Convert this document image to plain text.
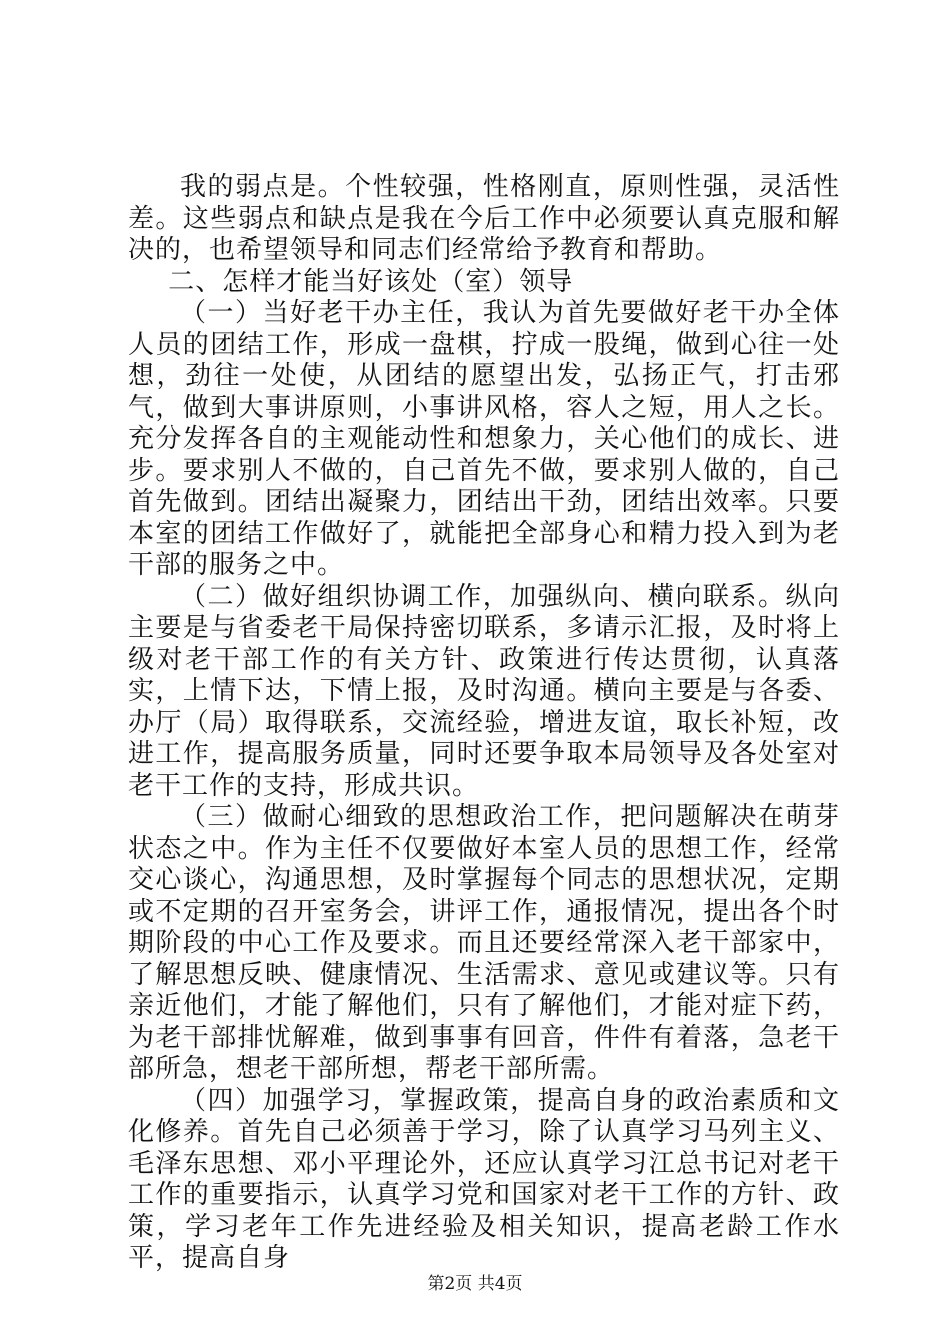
我的弱点是。个性较强，性格刚直，原则性强，灵活性差。这些弱点和缺点是我在今后工作中必须要认真克服和解决的，也希望领导和同志们经常给予教育和帮助。

二、怎样才能当好该处（室）领导

（一）当好老干办主任，我认为首先要做好老干办全体人员的团结工作，形成一盘棋，拧成一股绳，做到心往一处想，劲往一处使，从团结的愿望出发，弘扬正气，打击邪气，做到大事讲原则，小事讲风格，容人之短，用人之长。充分发挥各自的主观能动性和想象力，关心他们的成长、进步。要求别人不做的，自己首先不做，要求别人做的，自己首先做到。团结出凝聚力，团结出干劲，团结出效率。只要本室的团结工作做好了，就能把全部身心和精力投入到为老干部的服务之中。

（二）做好组织协调工作，加强纵向、横向联系。纵向主要是与省委老干局保持密切联系，多请示汇报，及时将上级对老干部工作的有关方针、政策进行传达贯彻，认真落实，上情下达，下情上报，及时沟通。横向主要是与各委、办厅（局）取得联系，交流经验，增进友谊，取长补短，改进工作，提高服务质量，同时还要争取本局领导及各处室对老干工作的支持，形成共识。

（三）做耐心细致的思想政治工作，把问题解决在萌芽状态之中。作为主任不仅要做好本室人员的思想工作，经常交心谈心，沟通思想，及时掌握每个同志的思想状况，定期或不定期的召开室务会，讲评工作，通报情况，提出各个时期阶段的中心工作及要求。而且还要经常深入老干部家中，了解思想反映、健康情况、生活需求、意见或建议等。只有亲近他们，才能了解他们，只有了解他们，才能对症下药，为老干部排忧解难，做到事事有回音，件件有着落，急老干部所急，想老干部所想，帮老干部所需。

（四）加强学习，掌握政策，提高自身的政治素质和文化修养。首先自己必须善于学习，除了认真学习马列主义、毛泽东思想、邓小平理论外，还应认真学习江总书记对老干工作的重要指示，认真学习党和国家对老干工作的方针、政策，学习老年工作先进经验及相关知识，提高老龄工作水平，提高自身

第2页 共4页
